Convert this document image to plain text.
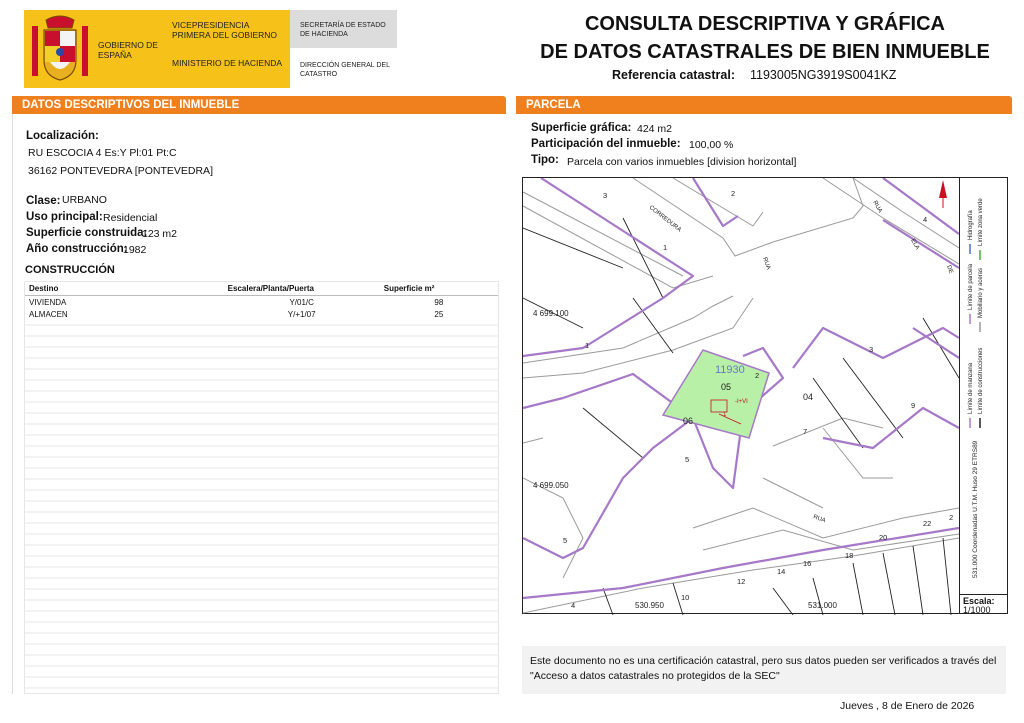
GOBIERNO DE ESPAÑA
VICEPRESIDENCIA PRIMERA DEL GOBIERNO
MINISTERIO DE HACIENDA
SECRETARÍA DE ESTADO DE HACIENDA
DIRECCIÓN GENERAL DEL CATASTRO
CONSULTA DESCRIPTIVA Y GRÁFICA
DE DATOS CATASTRALES DE BIEN INMUEBLE
Referencia catastral: 1193005NG3919S0041KZ
DATOS DESCRIPTIVOS DEL INMUEBLE
Localización:
RU ESCOCIA 4 Es:Y Pl:01 Pt:C
36162 PONTEVEDRA [PONTEVEDRA]
Clase: URBANO
Uso principal: Residencial
Superficie construida:
123 m2
Año construcción:
1982
CONSTRUCCIÓN
Destino	Escalera/Planta/Puerta	Superficie m²
VIVIENDA	Y/01/C	98
ALMACEN	Y/+1/07	25
PARCELA
Superficie gráfica: 424 m2
Participación del inmueble: 100,00 %
Tipo: Parcela con varios inmuebles [division horizontal]
11930
05
06
04
-I+VI
1
4 699.100
4 699.050
530.950	531.000
CORREDURA
RUA
RUA
RUA
ELA
DE
3	2
1
1
4
5
7
2
3
9
4
5
10
12
14
16
18
20
22
2
Límite de parcela
Hidrografía Límite zona verde
Mobiliario y aceras
Límite de manzana Límite de construcciones
531.000 Coordenadas U.T.M. Huso 29 ETRS89
Escala:
1/1000
Este documento no es una certificación catastral, pero sus datos pueden ser verificados a través del "Acceso a datos catastrales no protegidos de la SEC"
Jueves , 8 de Enero de 2026
